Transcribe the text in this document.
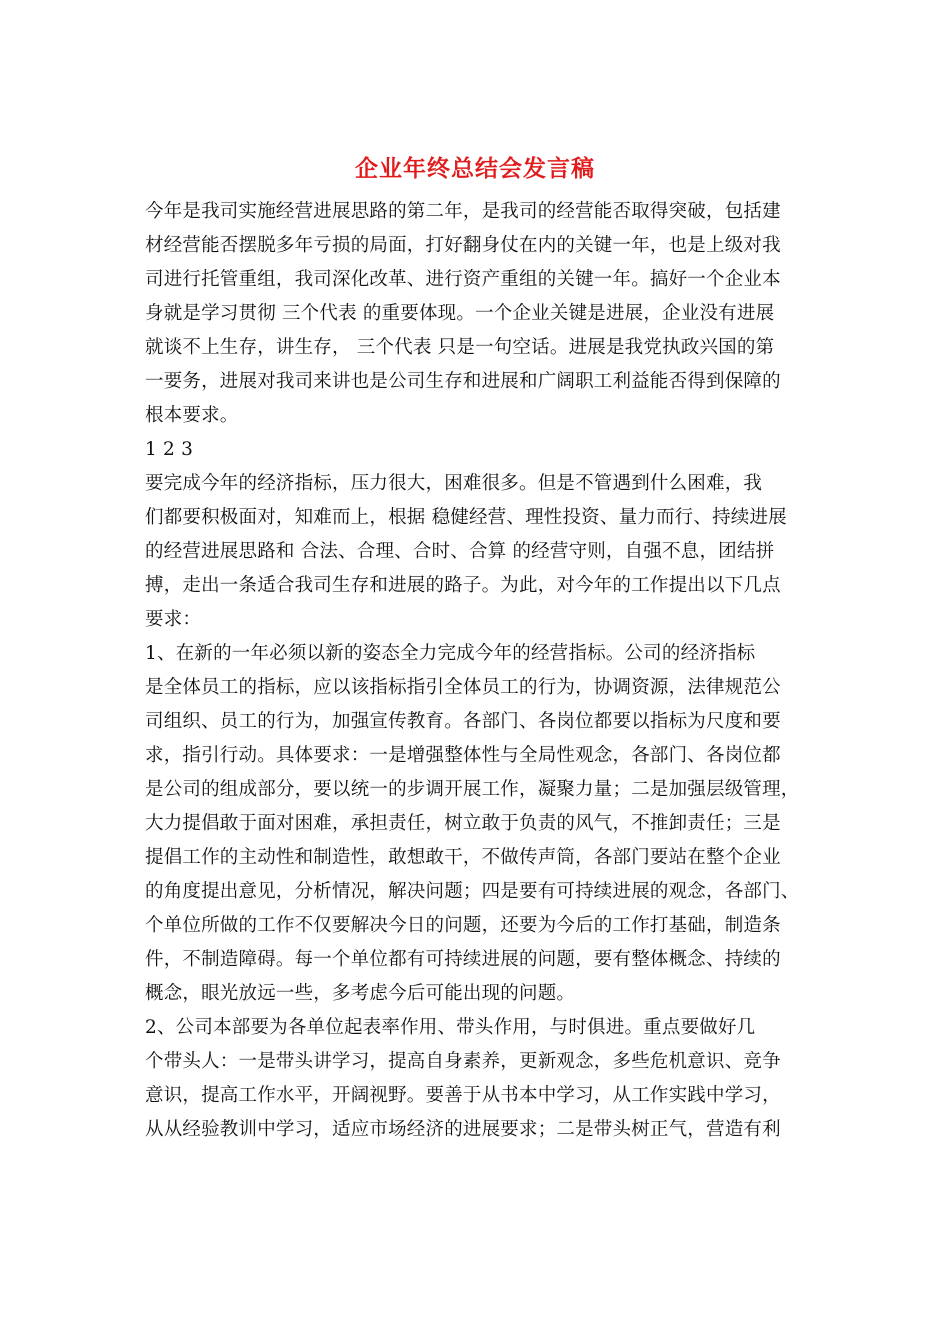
企业年终总结会发言稿
今年是我司实施经营进展思路的第二年，是我司的经营能否取得突破，包括建
材经营能否摆脱多年亏损的局面，打好翻身仗在内的关键一年，也是上级对我
司进行托管重组，我司深化改革、进行资产重组的关键一年。搞好一个企业本
身就是学习贯彻 三个代表 的重要体现。一个企业关键是进展，企业没有进展
就谈不上生存，讲生存， 三个代表 只是一句空话。进展是我党执政兴国的第
一要务，进展对我司来讲也是公司生存和进展和广阔职工利益能否得到保障的
根本要求。
1 2 3
要完成今年的经济指标，压力很大，困难很多。但是不管遇到什么困难，我
们都要积极面对，知难而上，根据 稳健经营、理性投资、量力而行、持续进展
的经营进展思路和 合法、合理、合时、合算 的经营守则，自强不息，团结拼
搏，走出一条适合我司生存和进展的路子。为此，对今年的工作提出以下几点
要求：
1、在新的一年必须以新的姿态全力完成今年的经营指标。公司的经济指标
是全体员工的指标，应以该指标指引全体员工的行为，协调资源，法律规范公
司组织、员工的行为，加强宣传教育。各部门、各岗位都要以指标为尺度和要
求，指引行动。具体要求：一是增强整体性与全局性观念，各部门、各岗位都
是公司的组成部分，要以统一的步调开展工作，凝聚力量；二是加强层级管理，
大力提倡敢于面对困难，承担责任，树立敢于负责的风气，不推卸责任；三是
提倡工作的主动性和制造性，敢想敢干，不做传声筒，各部门要站在整个企业
的角度提出意见，分析情况，解决问题；四是要有可持续进展的观念，各部门、
个单位所做的工作不仅要解决今日的问题，还要为今后的工作打基础，制造条
件，不制造障碍。每一个单位都有可持续进展的问题，要有整体概念、持续的
概念，眼光放远一些，多考虑今后可能出现的问题。
2、公司本部要为各单位起表率作用、带头作用，与时俱进。重点要做好几
个带头人：一是带头讲学习，提高自身素养，更新观念，多些危机意识、竞争
意识，提高工作水平，开阔视野。要善于从书本中学习，从工作实践中学习，
从从经验教训中学习，适应市场经济的进展要求；二是带头树正气，营造有利
